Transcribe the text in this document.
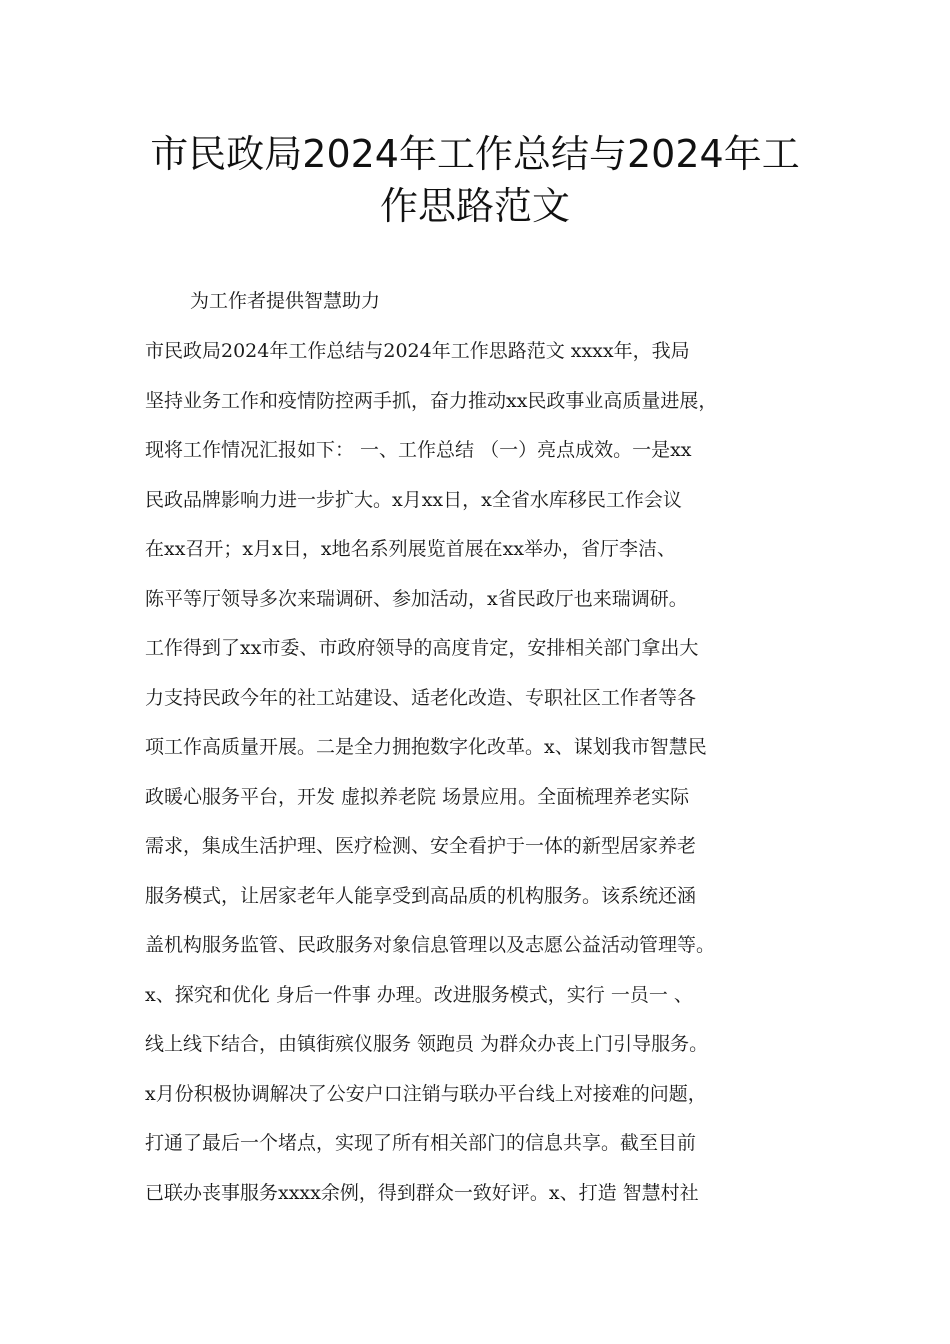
市民政局2024年工作总结与2024年工
作思路范文
为工作者提供智慧助力
市民政局2024年工作总结与2024年工作思路范文 xxxx年，我局
坚持业务工作和疫情防控两手抓，奋力推动xx民政事业高质量进展，
现将工作情况汇报如下： 一、工作总结 （一）亮点成效。一是xx
民政品牌影响力进一步扩大。x月xx日，x全省水库移民工作会议
在xx召开；x月x日，x地名系列展览首展在xx举办，省厅李洁、
陈平等厅领导多次来瑞调研、参加活动，x省民政厅也来瑞调研。
工作得到了xx市委、市政府领导的高度肯定，安排相关部门拿出大
力支持民政今年的社工站建设、适老化改造、专职社区工作者等各
项工作高质量开展。二是全力拥抱数字化改革。x、谋划我市智慧民
政暖心服务平台，开发 虚拟养老院 场景应用。全面梳理养老实际
需求，集成生活护理、医疗检测、安全看护于一体的新型居家养老
服务模式，让居家老年人能享受到高品质的机构服务。该系统还涵
盖机构服务监管、民政服务对象信息管理以及志愿公益活动管理等。
x、探究和优化 身后一件事 办理。改进服务模式，实行 一员一 、
线上线下结合，由镇街殡仪服务 领跑员 为群众办丧上门引导服务。
x月份积极协调解决了公安户口注销与联办平台线上对接难的问题，
打通了最后一个堵点，实现了所有相关部门的信息共享。截至目前
已联办丧事服务xxxx余例，得到群众一致好评。x、打造 智慧村社
